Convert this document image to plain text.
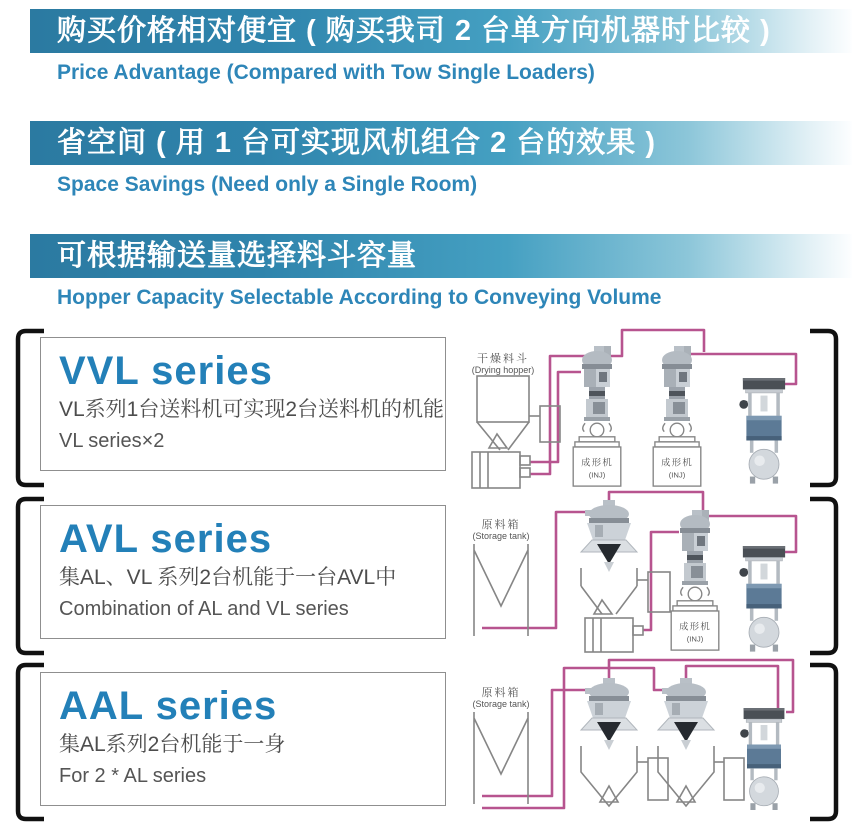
购买价格相对便宜 ( 购买我司 2 台单方向机器时比较 )
Price Advantage (Compared with Tow Single Loaders)
省空间 ( 用 1 台可实现风机组合 2 台的效果 )
Space Savings (Need only a Single Room)
可根据输送量选择料斗容量
Hopper Capacity Selectable According to Conveying Volume
VVL series
VL系列1台送料机可实现2台送料机的机能
VL series×2
干燥料斗
(Drying hopper)
AVL series
集AL、VL 系列2台机能于一台AVL中
Combination of AL and VL series
AAL series
集AL系列2台机能于一身
For 2 * AL series
